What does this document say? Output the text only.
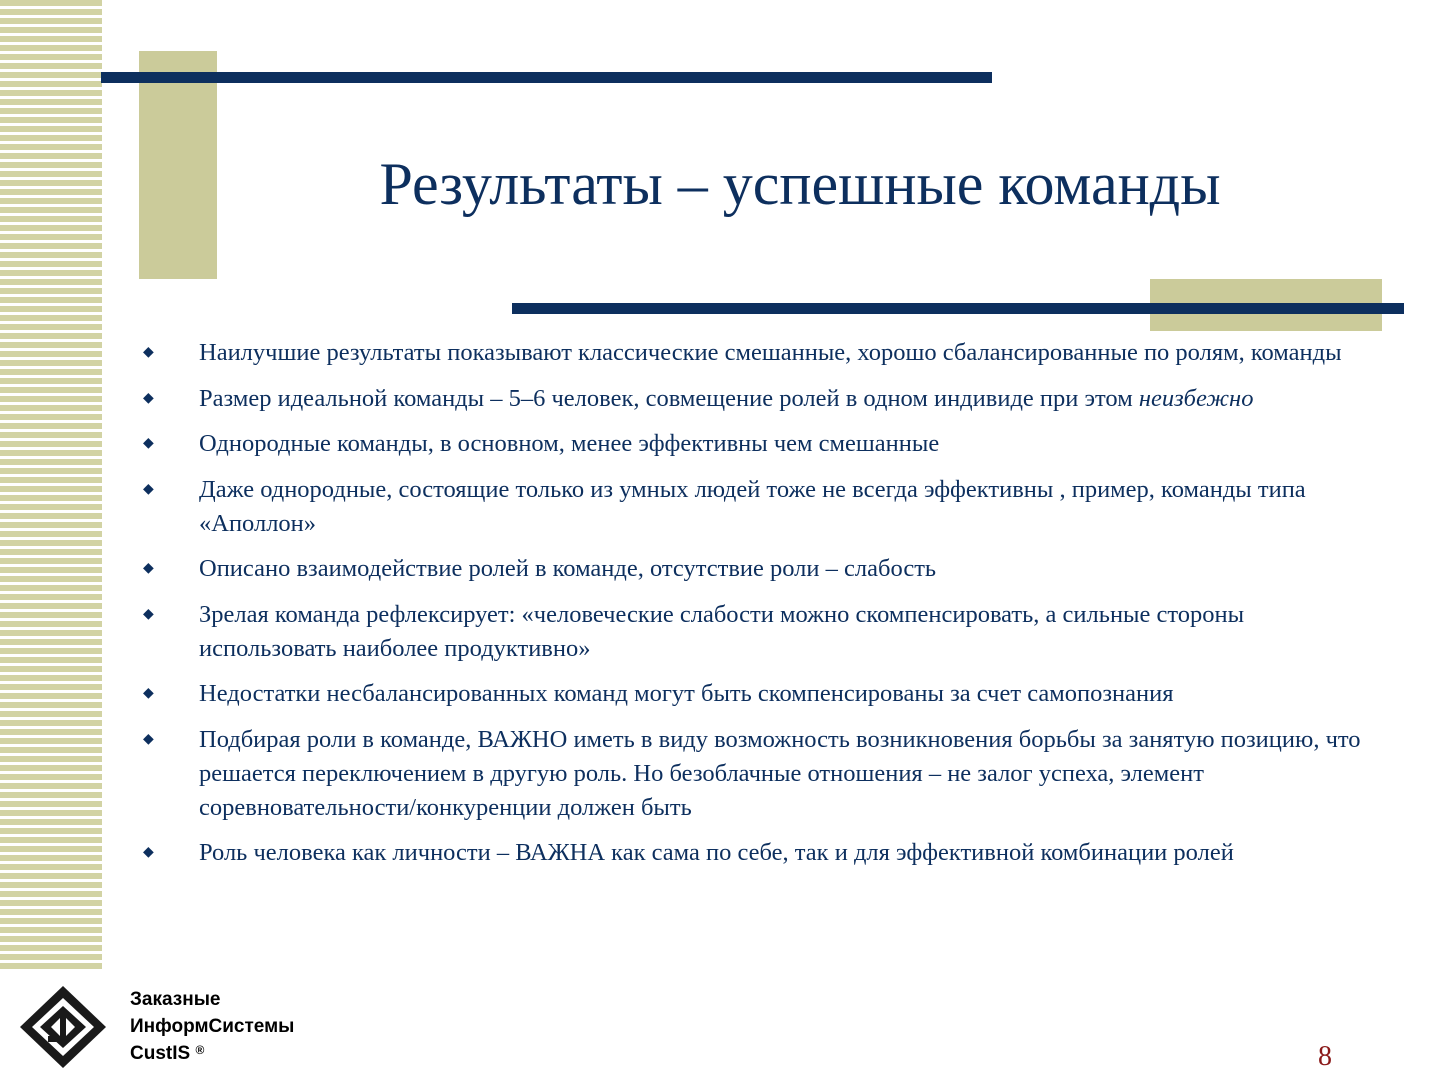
Результаты – успешные команды
◆	Наилучшие результаты показывают классические смешанные, хорошо сбалансированные по ролям, команды
◆	Размер идеальной команды – 5–6 человек, совмещение ролей в одном индивиде при этом неизбежно
◆	Однородные команды, в основном, менее эффективны чем смешанные
◆	Даже однородные, состоящие только из умных людей тоже не всегда эффективны , пример, команды типа «Аполлон»
◆	Описано взаимодействие ролей в команде, отсутствие роли – слабость
◆	Зрелая команда рефлексирует: «человеческие слабости можно скомпенсировать, а сильные стороны использовать наиболее продуктивно»
◆	Недостатки несбалансированных команд могут быть скомпенсированы за счет самопознания
◆	Подбирая роли в команде, ВАЖНО иметь в виду возможность возникновения борьбы за занятую позицию, что решается переключением в другую роль. Но безоблачные отношения – не залог успеха, элемент соревновательности/конкуренции должен быть
◆	Роль человека как личности – ВАЖНА как сама по себе, так и для эффективной комбинации ролей
Заказные
ИнформСистемы
CustIS ®	8
